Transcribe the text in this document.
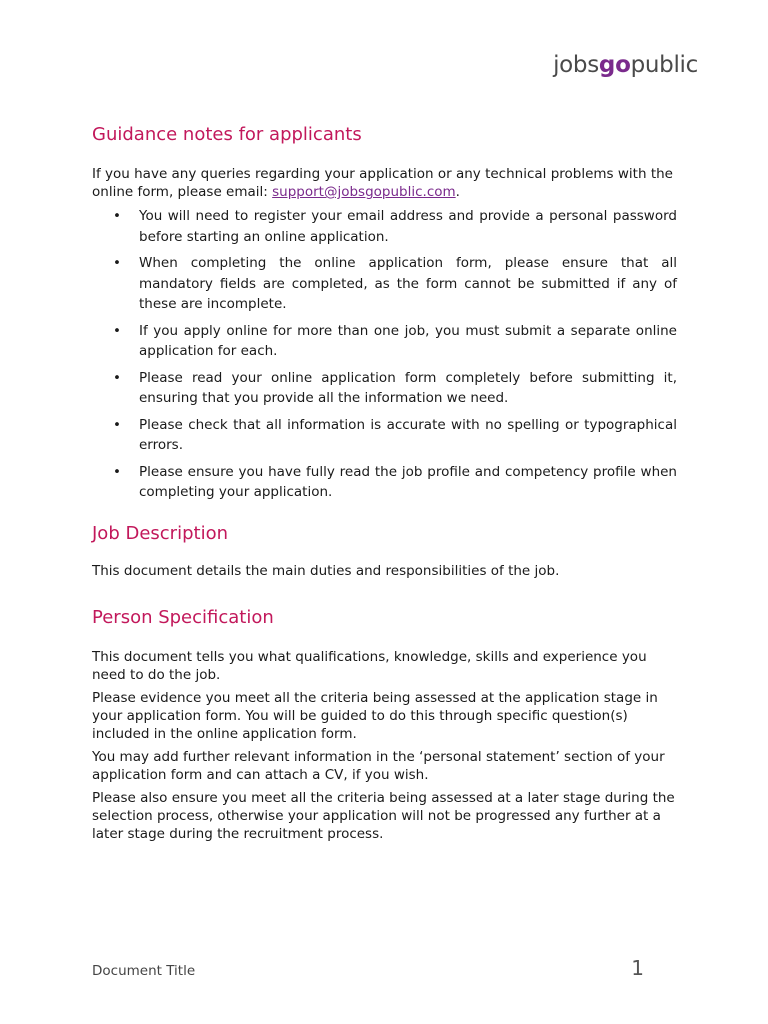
jobsgopublic
Guidance notes for applicants

If you have any queries regarding your application or any technical problems with the online form, please email: support@jobsgopublic.com.

• You will need to register your email address and provide a personal password before starting an online application.
• When completing the online application form, please ensure that all mandatory fields are completed, as the form cannot be submitted if any of these are incomplete.
• If you apply online for more than one job, you must submit a separate online application for each.
• Please read your online application form completely before submitting it, ensuring that you provide all the information we need.
• Please check that all information is accurate with no spelling or typographical errors.
• Please ensure you have fully read the job profile and competency profile when completing your application.
Job Description

This document details the main duties and responsibilities of the job.

Person Specification

This document tells you what qualifications, knowledge, skills and experience you need to do the job.

Please evidence you meet all the criteria being assessed at the application stage in your application form. You will be guided to do this through specific question(s) included in the online application form.

You may add further relevant information in the ‘personal statement’ section of your application form and can attach a CV, if you wish.

Please also ensure you meet all the criteria being assessed at a later stage during the selection process, otherwise your application will not be progressed any further at a later stage during the recruitment process.

Document Title	1
